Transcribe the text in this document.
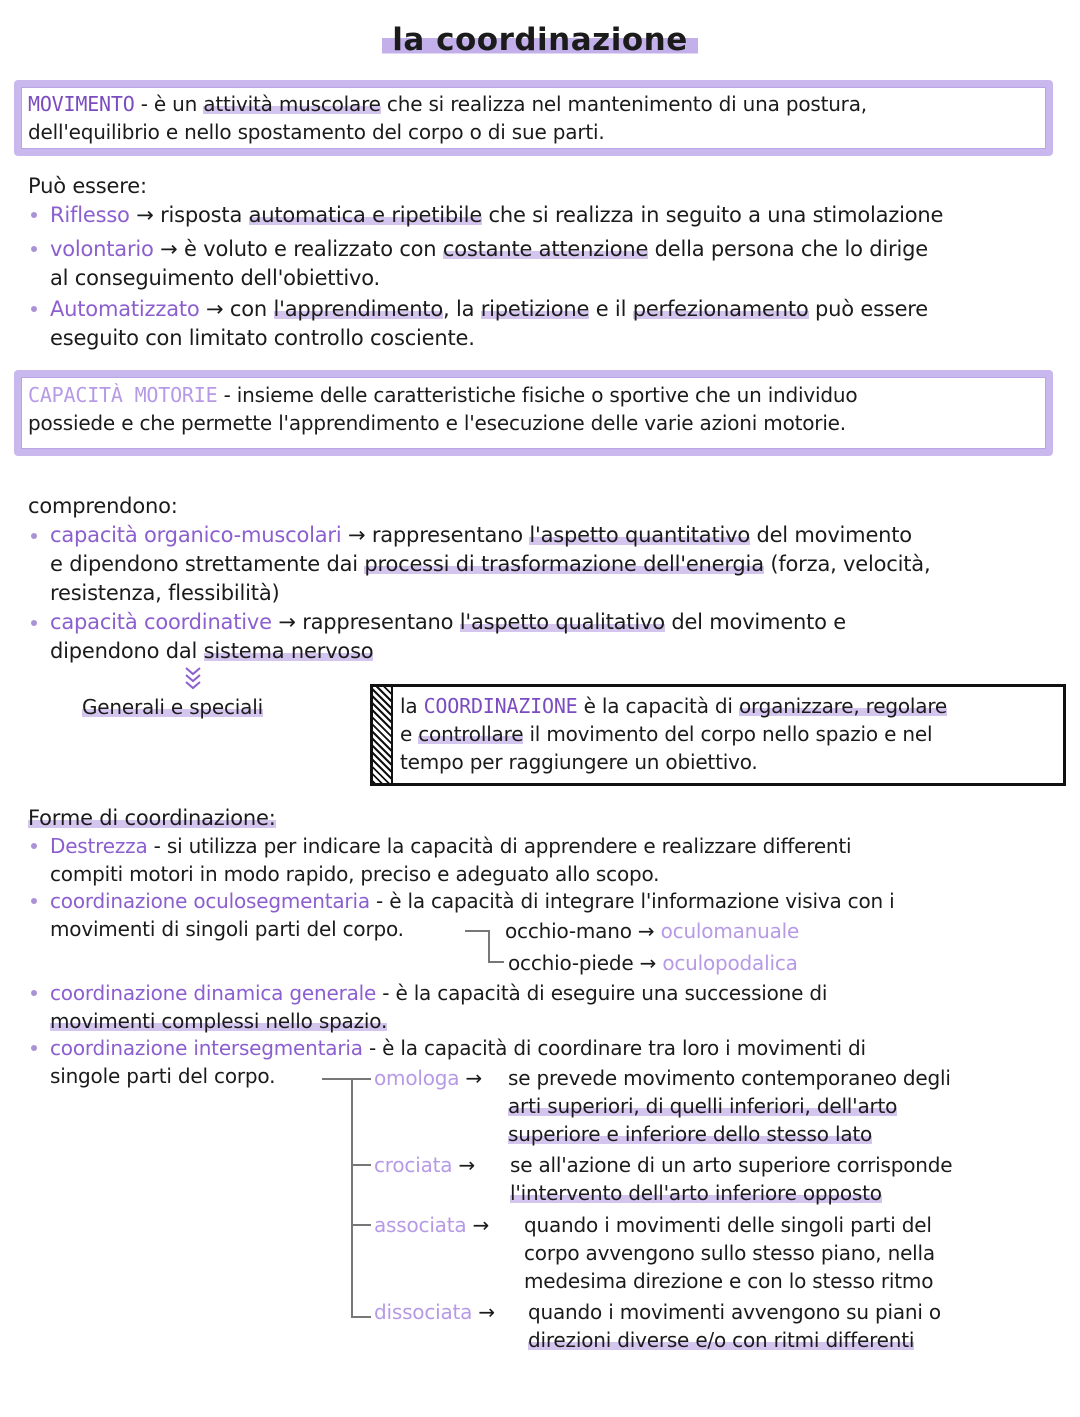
la coordinazione
MOVIMENTO - è un attività muscolare che si realizza nel mantenimento di una postura,
dell'equilibrio e nello spostamento del corpo o di sue parti.
Può essere:
Riflesso → risposta automatica e ripetibile che si realizza in seguito a una stimolazione
volontario → è voluto e realizzato con costante attenzione della persona che lo dirige
al conseguimento dell'obiettivo.
Automatizzato → con l'apprendimento, la ripetizione e il perfezionamento può essere
eseguito con limitato controllo cosciente.
CAPACITÀ MOTORIE - insieme delle caratteristiche fisiche o sportive che un individuo
possiede e che permette l'apprendimento e l'esecuzione delle varie azioni motorie.
comprendono:
capacità organico-muscolari → rappresentano l'aspetto quantitativo del movimento
e dipendono strettamente dai processi di trasformazione dell'energia (forza, velocità,
resistenza, flessibilità)
capacità coordinative → rappresentano l'aspetto qualitativo del movimento e
dipendono dal sistema nervoso
Generali e speciali	la COORDINAZIONE è la capacità di organizzare, regolare
e controllare il movimento del corpo nello spazio e nel
tempo per raggiungere un obiettivo.
Forme di coordinazione:
Destrezza - si utilizza per indicare la capacità di apprendere e realizzare differenti
compiti motori in modo rapido, preciso e adeguato allo scopo.
coordinazione oculosegmentaria - è la capacità di integrare l'informazione visiva con i
movimenti di singoli parti del corpo.	occhio-mano → oculomanuale
occhio-piede → oculopodalica
coordinazione dinamica generale - è la capacità di eseguire una successione di
movimenti complessi nello spazio.
coordinazione intersegmentaria - è la capacità di coordinare tra loro i movimenti di
singole parti del corpo.	omologa → se prevede movimento contemporaneo degli
arti superiori, di quelli inferiori, dell'arto
superiore e inferiore dello stesso lato
crociata → se all'azione di un arto superiore corrisponde
l'intervento dell'arto inferiore opposto
associata → quando i movimenti delle singoli parti del
corpo avvengono sullo stesso piano, nella
medesima direzione e con lo stesso ritmo
dissociata → quando i movimenti avvengono su piani o
direzioni diverse e/o con ritmi differenti
